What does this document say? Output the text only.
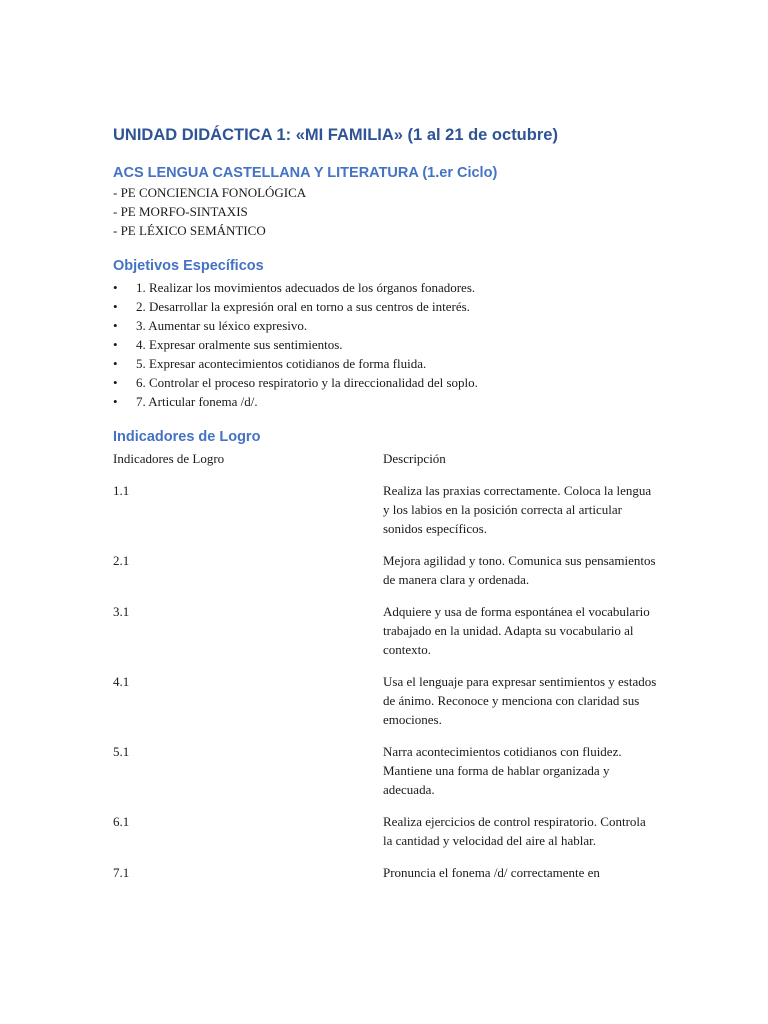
UNIDAD DIDÁCTICA 1: «MI FAMILIA» (1 al 21 de octubre)
ACS LENGUA CASTELLANA Y LITERATURA (1.er Ciclo)
- PE CONCIENCIA FONOLÓGICA
- PE MORFO-SINTAXIS
- PE LÉXICO SEMÁNTICO
Objetivos Específicos
• 1. Realizar los movimientos adecuados de los órganos fonadores.
• 2. Desarrollar la expresión oral en torno a sus centros de interés.
• 3. Aumentar su léxico expresivo.
• 4. Expresar oralmente sus sentimientos.
• 5. Expresar acontecimientos cotidianos de forma fluida.
• 6. Controlar el proceso respiratorio y la direccionalidad del soplo.
• 7. Articular fonema /d/.
Indicadores de Logro
Indicadores de Logro	Descripción
1.1	Realiza las praxias correctamente. Coloca la lengua y los labios en la posición correcta al articular sonidos específicos.
2.1	Mejora agilidad y tono. Comunica sus pensamientos de manera clara y ordenada.
3.1	Adquiere y usa de forma espontánea el vocabulario trabajado en la unidad. Adapta su vocabulario al contexto.
4.1	Usa el lenguaje para expresar sentimientos y estados de ánimo. Reconoce y menciona con claridad sus emociones.
5.1	Narra acontecimientos cotidianos con fluidez. Mantiene una forma de hablar organizada y adecuada.
6.1	Realiza ejercicios de control respiratorio. Controla la cantidad y velocidad del aire al hablar.
7.1	Pronuncia el fonema /d/ correctamente en
